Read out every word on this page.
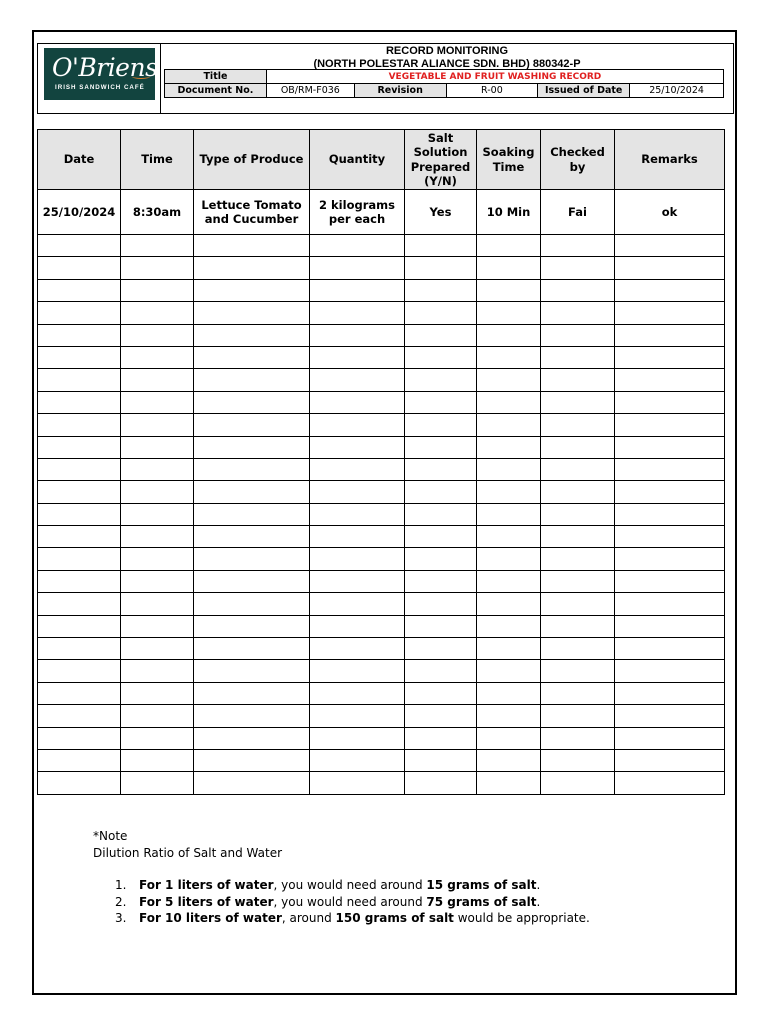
O'Briens
IRISH SANDWICH CAFÉ
RECORD MONITORING
(NORTH POLESTAR ALIANCE SDN. BHD) 880342-P
Title	VEGETABLE AND FRUIT WASHING RECORD				
Document No.	OB/RM-F036	Revision	R-00	Issued of Date	25/10/2024
Date	Time	Type of Produce	Quantity	Salt Solution Prepared (Y/N)	Soaking Time	Checked by	Remarks
25/10/2024	8:30am	Lettuce Tomato and Cucumber	2 kilograms per each	Yes	10 Min	Fai	ok

*Note
Dilution Ratio of Salt and Water
1. For 1 liters of water, you would need around 15 grams of salt.
2. For 5 liters of water, you would need around 75 grams of salt.
3. For 10 liters of water, around 150 grams of salt would be appropriate.
